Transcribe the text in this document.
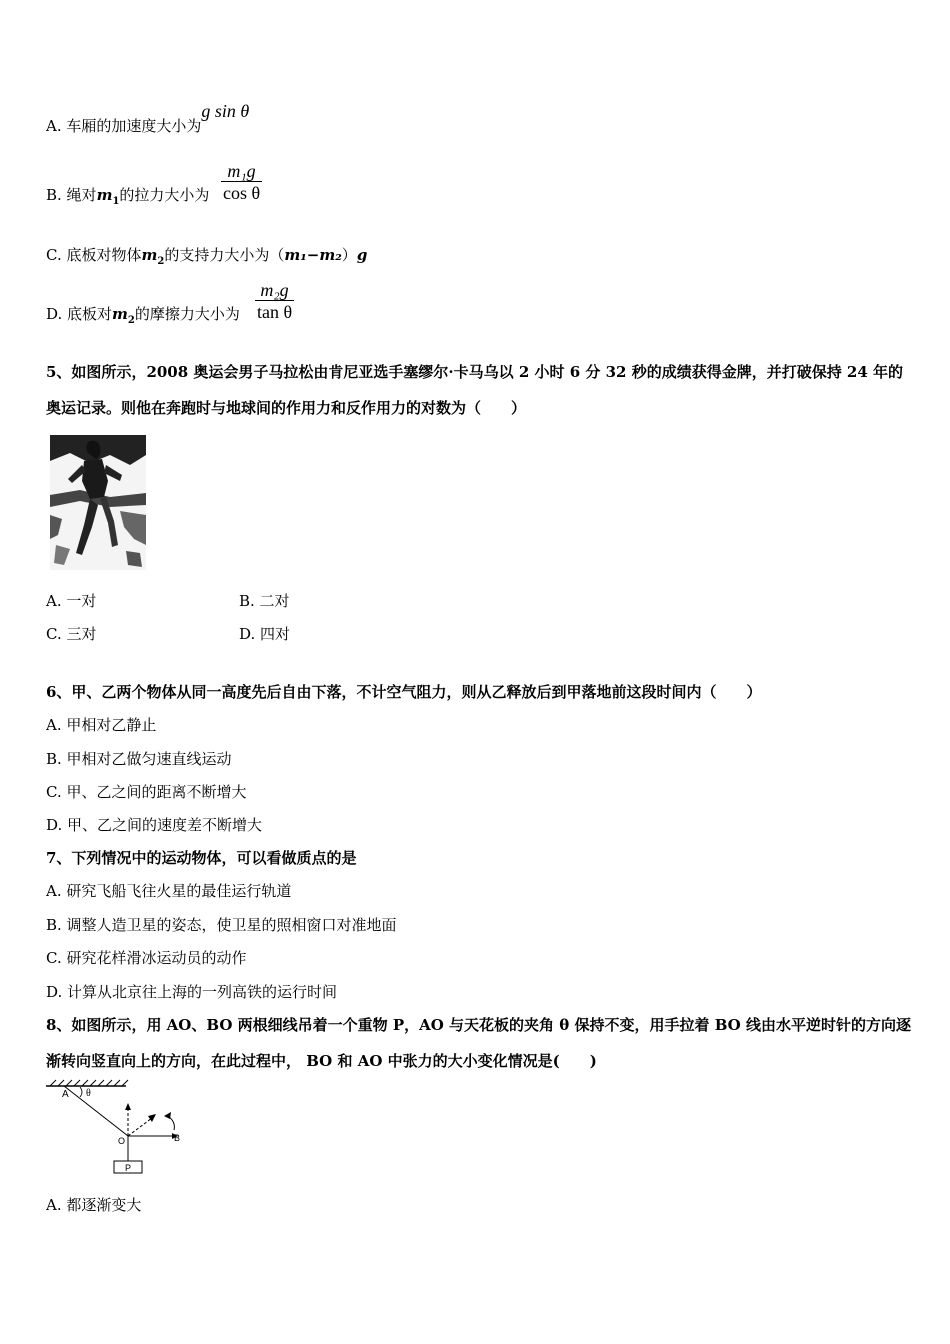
A. 车厢的加速度大小为g sin θ
B. 绳对$m_1$的拉力大小为 $\frac{\text{m₁g}}{\text{cos θ}}$
C. 底板对物体$m_2$的支持力大小为（m₁−m₂）g
D. 底板对$m_2$的摩擦力大小为 $\frac{\text{m₂g}}{\text{tan θ}}$
5、如图所示，2008 奥运会男子马拉松由肯尼亚选手塞缪尔·卡马乌以 2 小时 6 分 32 秒的成绩获得金牌，并打破保持 24 年的奥运记录。则他在奔跑时与地球间的作用力和反作用力的对数为（　　）
A. 一对	B. 二对
C. 三对	D. 四对
6、甲、乙两个物体从同一高度先后自由下落，不计空气阻力，则从乙释放后到甲落地前这段时间内（　　）
A. 甲相对乙静止
B. 甲相对乙做匀速直线运动
C. 甲、乙之间的距离不断增大
D. 甲、乙之间的速度差不断增大
7、下列情况中的运动物体，可以看做质点的是
A. 研究飞船飞往火星的最佳运行轨道
B. 调整人造卫星的姿态，使卫星的照相窗口对准地面
C. 研究花样滑冰运动员的动作
D. 计算从北京往上海的一列高铁的运行时间
8、如图所示，用 AO、BO 两根细线吊着一个重物 P，AO 与天花板的夹角 θ 保持不变，用手拉着 BO 线由水平逆时针的方向逐渐转向竖直向上的方向，在此过程中， BO 和 AO 中张力的大小变化情况是(　　)
A θ
B
O
P
A. 都逐渐变大
